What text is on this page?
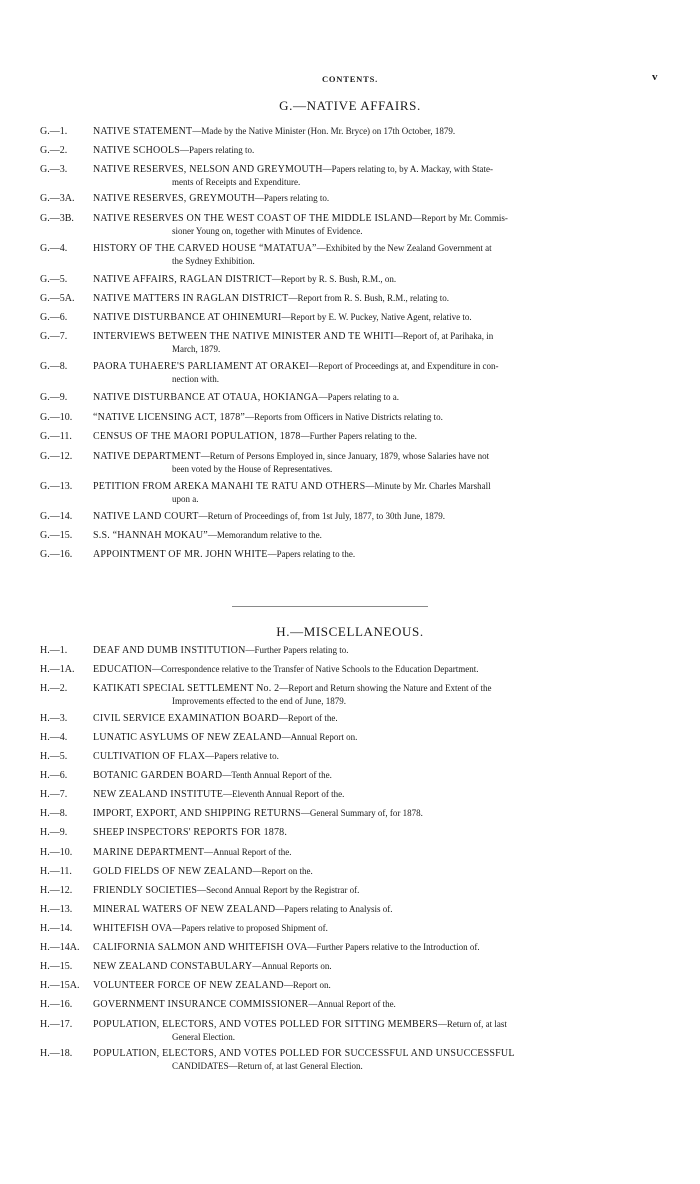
CONTENTS.	v
G.—NATIVE AFFAIRS.
H.—MISCELLANEOUS.
G.—1.	NATIVE STATEMENT—Made by the Native Minister (Hon. Mr. Bryce) on 17th October, 1879.
G.—2.	NATIVE SCHOOLS—Papers relating to.
G.—3.	NATIVE RESERVES, NELSON AND GREYMOUTH—Papers relating to, by A. Mackay, with State-
ments of Receipts and Expenditure.
G.—3A. NATIVE RESERVES, GREYMOUTH—Papers relating to.
G.—3B. NATIVE RESERVES ON THE WEST COAST OF THE MIDDLE ISLAND—Report by Mr. Commis-
sioner Young on, together with Minutes of Evidence.
G.—4.	HISTORY OF THE CARVED HOUSE “MATATUA”—Exhibited by the New Zealand Government at
the Sydney Exhibition.
G.—5.	NATIVE AFFAIRS, RAGLAN DISTRICT—Report by R. S. Bush, R.M., on.
G.—5A. NATIVE MATTERS IN RAGLAN DISTRICT—Report from R. S. Bush, R.M., relating to.
G.—6.	NATIVE DISTURBANCE AT OHINEMURI—Report by E. W. Puckey, Native Agent, relative to.
G.—7.	INTERVIEWS BETWEEN THE NATIVE MINISTER AND TE WHITI—Report of, at Parihaka, in
March, 1879.
G.—8.	PAORA TUHAERE'S PARLIAMENT AT ORAKEI—Report of Proceedings at, and Expenditure in con-
nection with.
G.—9.	NATIVE DISTURBANCE AT OTAUA, HOKIANGA—Papers relating to a.
G.—10. “NATIVE LICENSING ACT, 1878”—Reports from Officers in Native Districts relating to.
G.—11. CENSUS OF THE MAORI POPULATION, 1878—Further Papers relating to the.
G.—12. NATIVE DEPARTMENT—Return of Persons Employed in, since January, 1879, whose Salaries have not
been voted by the House of Representatives.
G.—13. PETITION FROM AREKA MANAHI TE RATU AND OTHERS—Minute by Mr. Charles Marshall
upon a.
G.—14. NATIVE LAND COURT—Return of Proceedings of, from 1st July, 1877, to 30th June, 1879.
G.—15. S.S. “HANNAH MOKAU”—Memorandum relative to the.
G.—16. APPOINTMENT OF MR. JOHN WHITE—Papers relating to the.
H.—1.	DEAF AND DUMB INSTITUTION—Further Papers relating to.
H.—1A. EDUCATION—Correspondence relative to the Transfer of Native Schools to the Education Department.
H.—2.	KATIKATI SPECIAL SETTLEMENT No. 2—Report and Return showing the Nature and Extent of the
Improvements effected to the end of June, 1879.
H.—3.	CIVIL SERVICE EXAMINATION BOARD—Report of the.
H.—4.	LUNATIC ASYLUMS OF NEW ZEALAND—Annual Report on.
H.—5.	CULTIVATION OF FLAX—Papers relative to.
H.—6.	BOTANIC GARDEN BOARD—Tenth Annual Report of the.
H.—7.	NEW ZEALAND INSTITUTE—Eleventh Annual Report of the.
H.—8.	IMPORT, EXPORT, AND SHIPPING RETURNS—General Summary of, for 1878.
H.—9.	SHEEP INSPECTORS' REPORTS FOR 1878.
H.—10. MARINE DEPARTMENT—Annual Report of the.
H.—11. GOLD FIELDS OF NEW ZEALAND—Report on the.
H.—12. FRIENDLY SOCIETIES—Second Annual Report by the Registrar of.
H.—13. MINERAL WATERS OF NEW ZEALAND—Papers relating to Analysis of.
H.—14. WHITEFISH OVA—Papers relative to proposed Shipment of.
H.—14A. CALIFORNIA SALMON AND WHITEFISH OVA—Further Papers relative to the Introduction of.
H.—15. NEW ZEALAND CONSTABULARY—Annual Reports on.
H.—15A. VOLUNTEER FORCE OF NEW ZEALAND—Report on.
H.—16. GOVERNMENT INSURANCE COMMISSIONER—Annual Report of the.
H.—17. POPULATION, ELECTORS, AND VOTES POLLED FOR SITTING MEMBERS—Return of, at last
General Election.
H.—18. POPULATION, ELECTORS, AND VOTES POLLED FOR SUCCESSFUL AND UNSUCCESSFUL
CANDIDATES—Return of, at last General Election.
